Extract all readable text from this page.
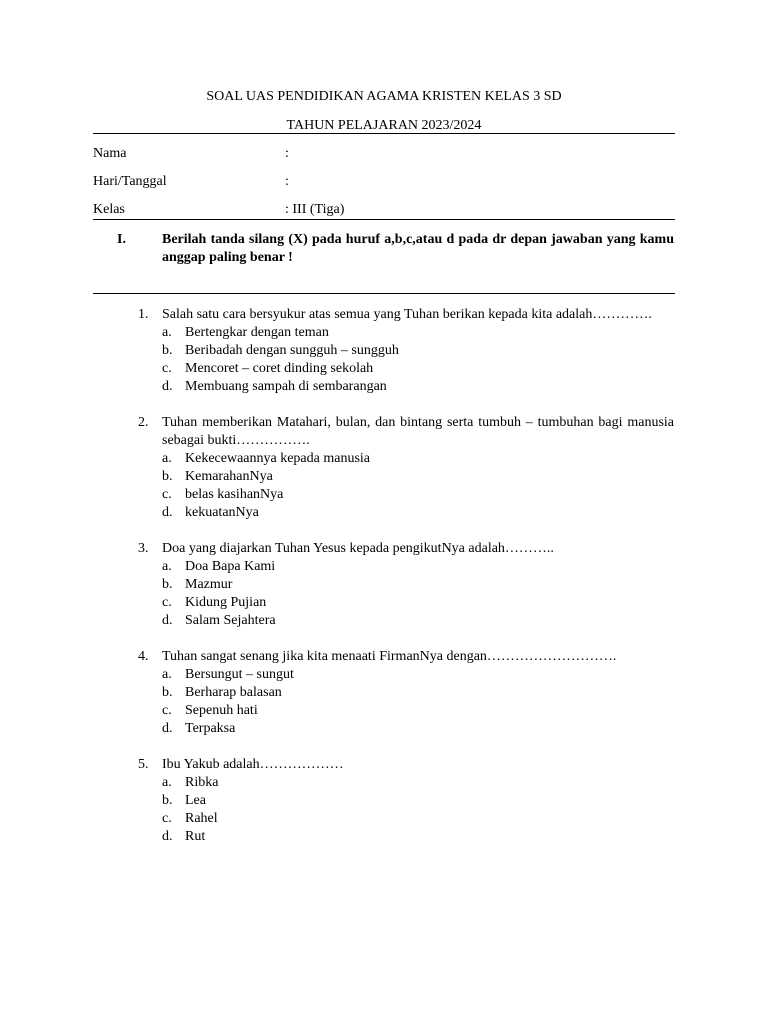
SOAL UAS PENDIDIKAN AGAMA KRISTEN KELAS 3 SD
TAHUN PELAJARAN 2023/2024
Nama	:
Hari/Tanggal	:
Kelas	: III (Tiga)
I.	Berilah tanda silang (X) pada huruf a,b,c,atau d pada dr depan jawaban yang kamu anggap paling benar !
1. Salah satu cara bersyukur atas semua yang Tuhan berikan kepada kita adalah………….
a. Bertengkar dengan teman
b. Beribadah dengan sungguh – sungguh
c. Mencoret – coret dinding sekolah
d. Membuang sampah di sembarangan
2. Tuhan memberikan Matahari, bulan, dan bintang serta tumbuh – tumbuhan bagi manusia sebagai bukti…………….
a. Kekecewaannya kepada manusia
b. KemarahanNya
c. belas kasihanNya
d. kekuatanNya
3. Doa yang diajarkan Tuhan Yesus kepada pengikutNya adalah………..
a. Doa Bapa Kami
b. Mazmur
c. Kidung Pujian
d. Salam Sejahtera
4. Tuhan sangat senang jika kita menaati FirmanNya dengan……………………….
a. Bersungut – sungut
b. Berharap balasan
c. Sepenuh hati
d. Terpaksa
5. Ibu Yakub adalah………………
a. Ribka
b. Lea
c. Rahel
d. Rut
